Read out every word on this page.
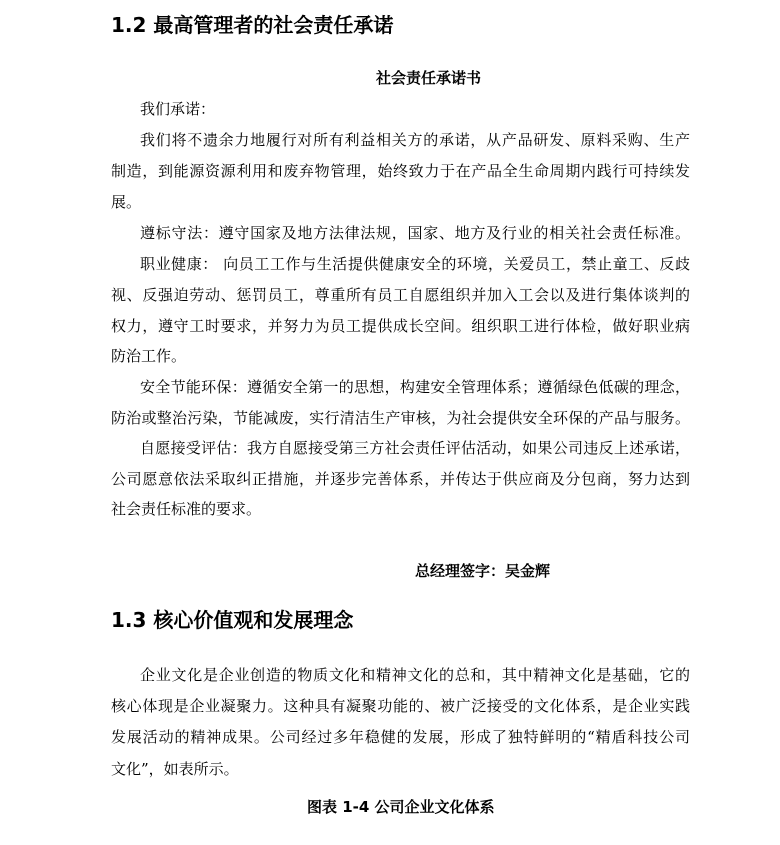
1.2 最高管理者的社会责任承诺
社会责任承诺书
我们承诺：
我们将不遗余力地履行对所有利益相关方的承诺，从产品研发、原料采购、生产
制造，到能源资源利用和废弃物管理，始终致力于在产品全生命周期内践行可持续发
展。
遵标守法：遵守国家及地方法律法规，国家、地方及行业的相关社会责任标准。
职业健康： 向员工工作与生活提供健康安全的环境，关爱员工，禁止童工、反歧
视、反强迫劳动、惩罚员工，尊重所有员工自愿组织并加入工会以及进行集体谈判的
权力，遵守工时要求，并努力为员工提供成长空间。组织职工进行体检，做好职业病
防治工作。
安全节能环保：遵循安全第一的思想，构建安全管理体系；遵循绿色低碳的理念，
防治或整治污染，节能减废，实行清洁生产审核，为社会提供安全环保的产品与服务。
自愿接受评估：我方自愿接受第三方社会责任评估活动，如果公司违反上述承诺，
公司愿意依法采取纠正措施，并逐步完善体系，并传达于供应商及分包商，努力达到
社会责任标准的要求。
总经理签字：吴金辉
1.3 核心价值观和发展理念
企业文化是企业创造的物质文化和精神文化的总和，其中精神文化是基础，它的
核心体现是企业凝聚力。这种具有凝聚功能的、被广泛接受的文化体系，是企业实践
发展活动的精神成果。公司经过多年稳健的发展，形成了独特鲜明的“精盾科技公司
文化”，如表所示。
图表 1-4 公司企业文化体系
